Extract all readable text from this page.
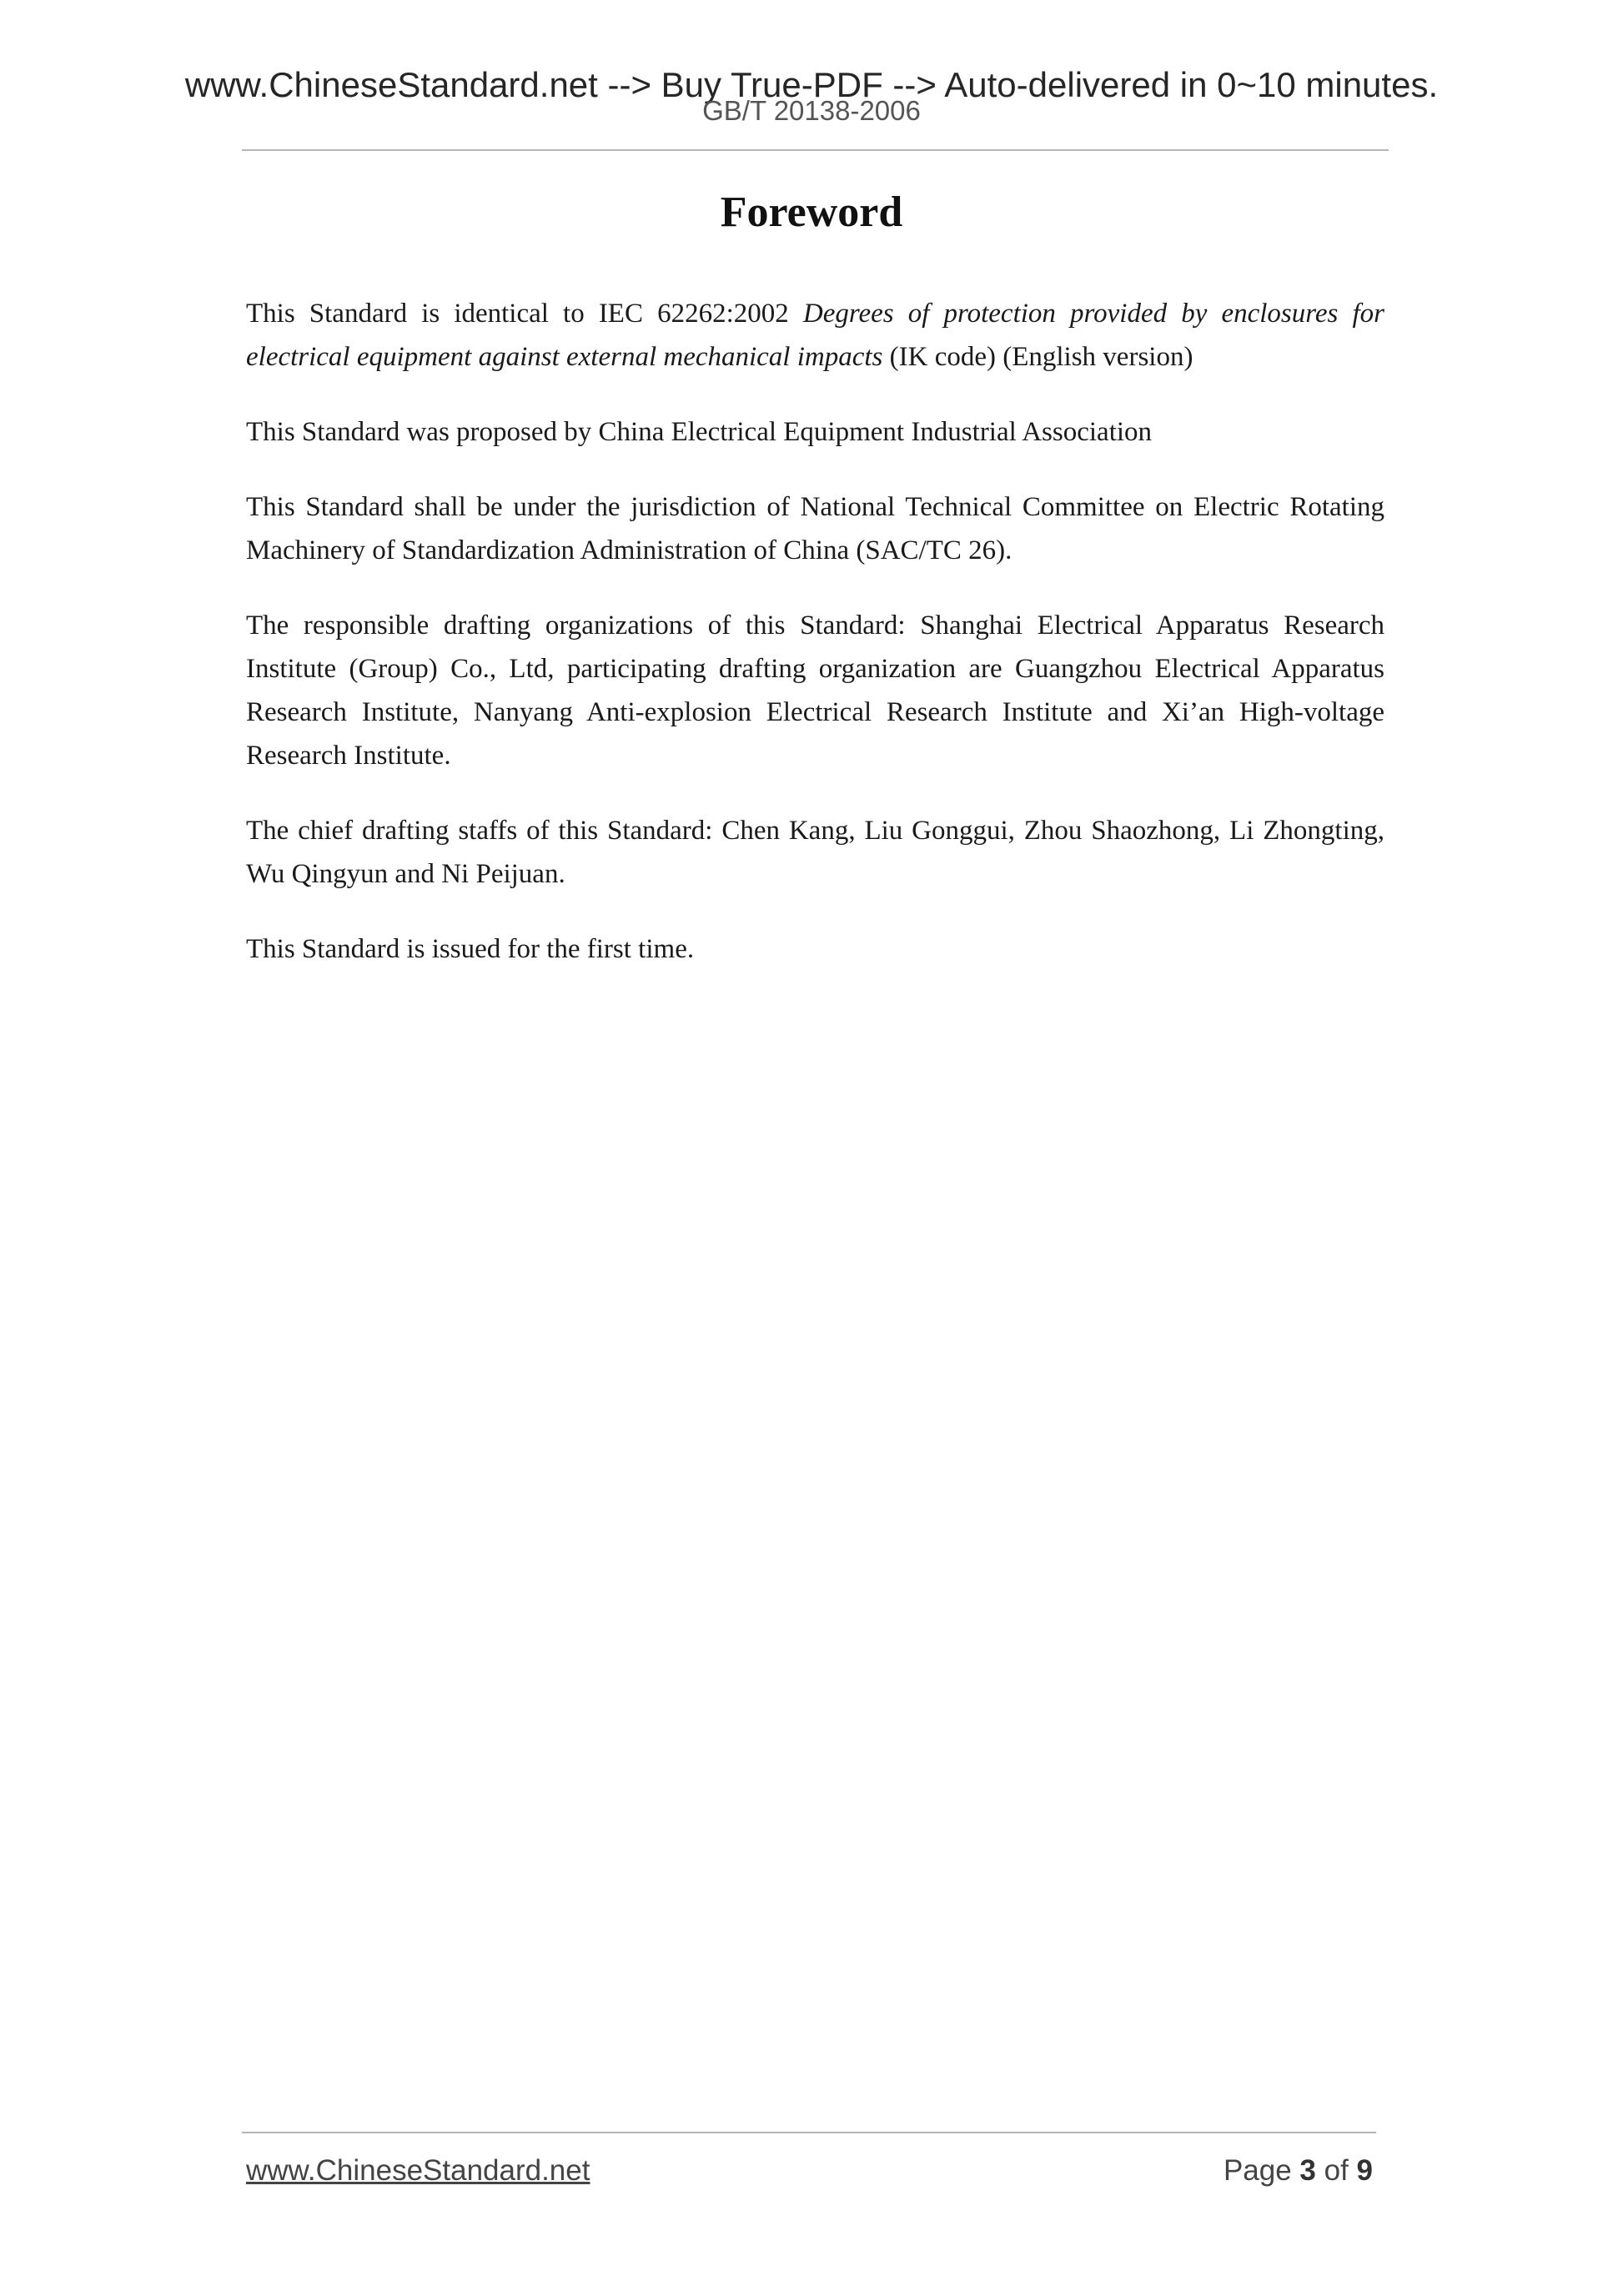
www.ChineseStandard.net --> Buy True-PDF --> Auto-delivered in 0~10 minutes.
GB/T 20138-2006
Foreword

This Standard is identical to IEC 62262:2002 Degrees of protection provided by enclosures for electrical equipment against external mechanical impacts (IK code) (English version)

This Standard was proposed by China Electrical Equipment Industrial Association

This Standard shall be under the jurisdiction of National Technical Committee on Electric Rotating Machinery of Standardization Administration of China (SAC/TC 26).

The responsible drafting organizations of this Standard: Shanghai Electrical Apparatus Research Institute (Group) Co., Ltd, participating drafting organization are Guangzhou Electrical Apparatus Research Institute, Nanyang Anti-explosion Electrical Research Institute and Xi’an High-voltage Research Institute.

The chief drafting staffs of this Standard: Chen Kang, Liu Gonggui, Zhou Shaozhong, Li Zhongting, Wu Qingyun and Ni Peijuan.

This Standard is issued for the first time.

www.ChineseStandard.net	Page 3 of 9
